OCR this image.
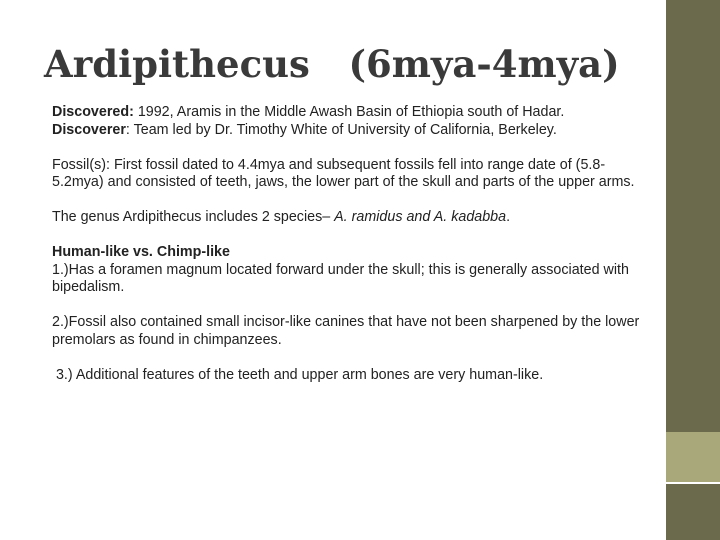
Ardipithecus   (6mya-4mya)

Discovered: 1992, Aramis in the Middle Awash Basin of Ethiopia south of Hadar.

Discoverer: Team led by Dr. Timothy White of University of California, Berkeley.

Fossil(s): First fossil dated to 4.4mya and subsequent fossils fell into range date of (5.8-5.2mya) and consisted of teeth, jaws, the lower part of the skull and parts of the upper arms.

The genus Ardipithecus includes 2 species– A. ramidus and A. kadabba.

Human-like vs. Chimp-like

1.)Has a foramen magnum located forward under the skull; this is generally associated with bipedalism.

2.)Fossil also contained small incisor-like canines that have not been sharpened by the lower premolars as found in chimpanzees.

3.) Additional features of the teeth and upper arm bones are very human-like.
